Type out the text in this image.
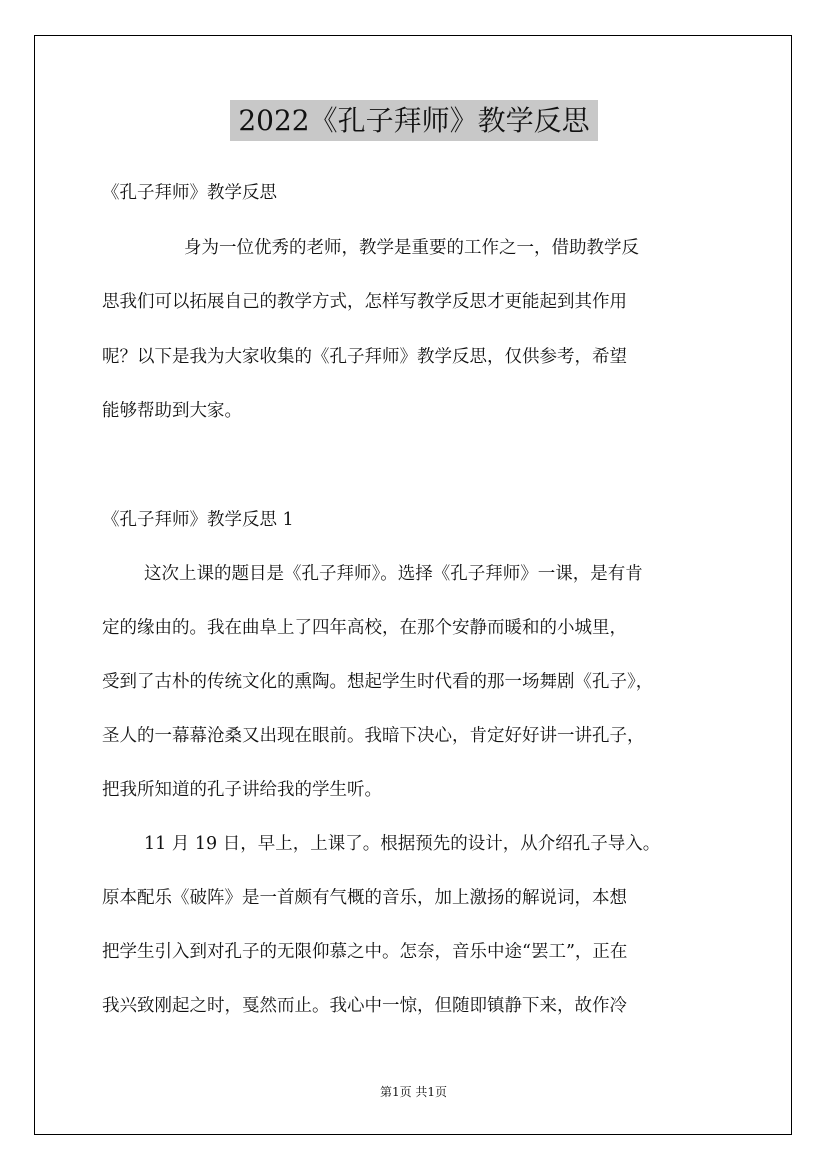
2022《孔子拜师》教学反思
《孔子拜师》教学反思
身为一位优秀的老师，教学是重要的工作之一，借助教学反
思我们可以拓展自己的教学方式，怎样写教学反思才更能起到其作用
呢？以下是我为大家收集的《孔子拜师》教学反思，仅供参考，希望
能够帮助到大家。
《孔子拜师》教学反思 1
这次上课的题目是《孔子拜师》。选择《孔子拜师》一课，是有肯
定的缘由的。我在曲阜上了四年高校，在那个安静而暖和的小城里，
受到了古朴的传统文化的熏陶。想起学生时代看的那一场舞剧《孔子》，
圣人的一幕幕沧桑又出现在眼前。我暗下决心，肯定好好讲一讲孔子，
把我所知道的孔子讲给我的学生听。
11 月 19 日，早上，上课了。根据预先的设计，从介绍孔子导入。
原本配乐《破阵》是一首颇有气概的音乐，加上激扬的解说词，本想
把学生引入到对孔子的无限仰慕之中。怎奈，音乐中途“罢工”，正在
我兴致刚起之时，戛然而止。我心中一惊，但随即镇静下来，故作冷
第1页 共1页
